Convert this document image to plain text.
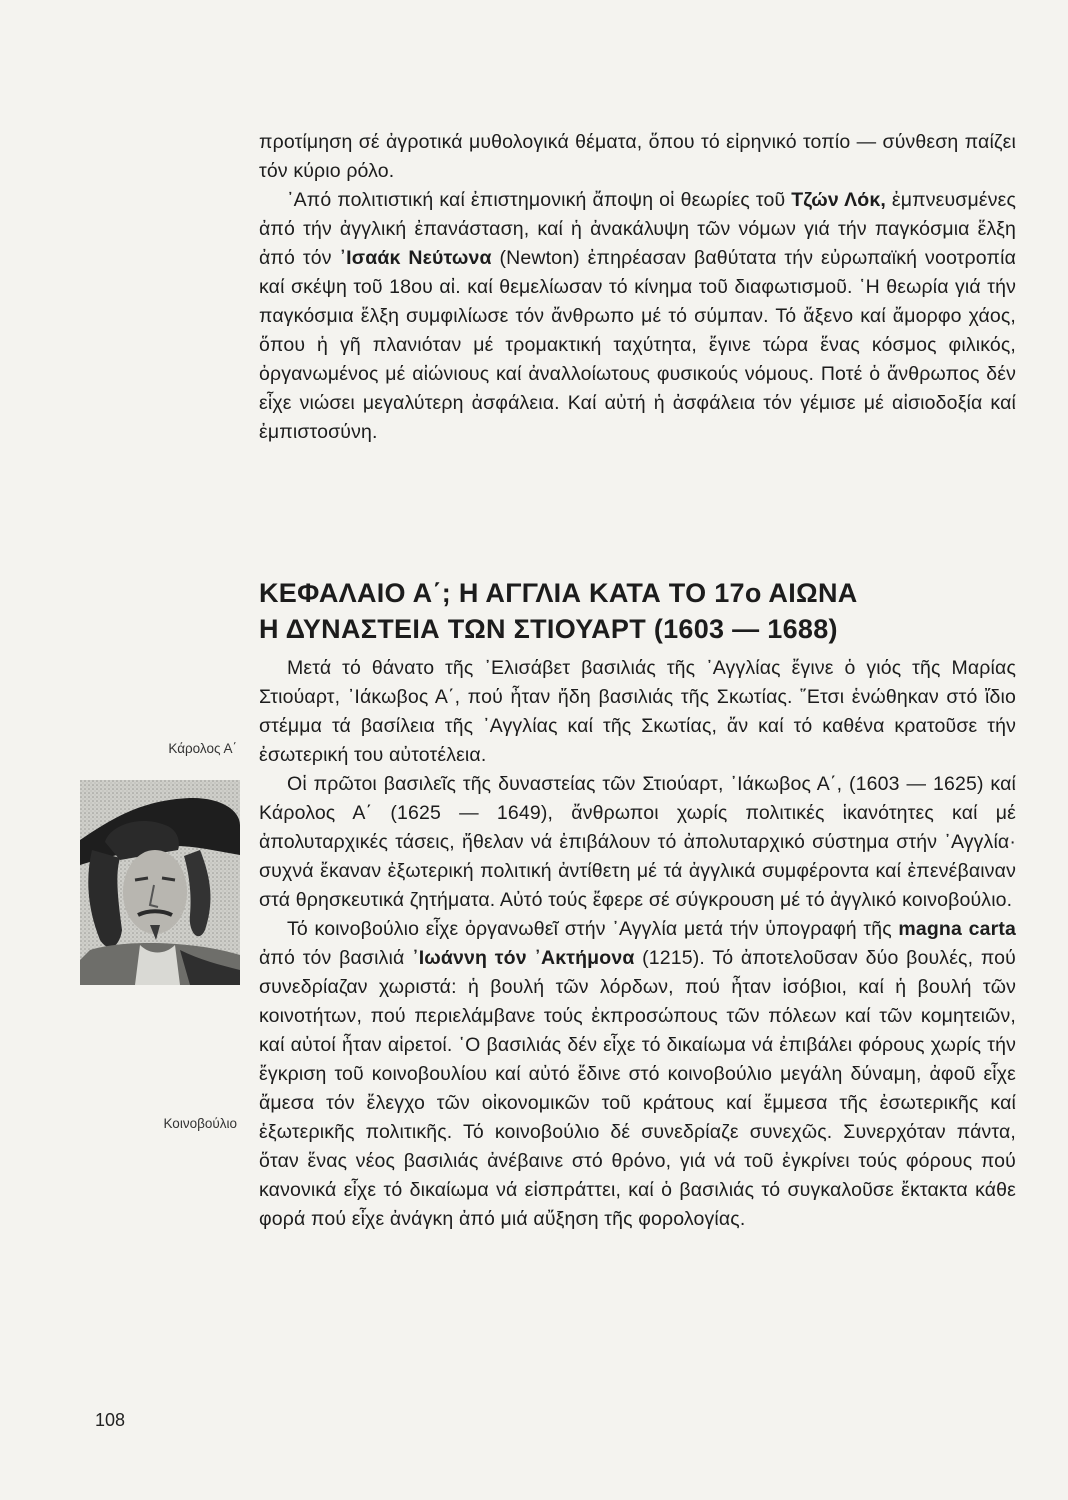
προτίμηση σέ ἀγροτικά μυθολογικά θέματα, ὅπου τό εἰρηνικό τοπίο — σύνθεση παίζει τόν κύριο ρόλο.

᾿Από πολιτιστική καί ἐπιστημονική ἄποψη οἱ θεωρίες τοῦ Τζών Λόκ, ἐμπνευσμένες ἀπό τήν ἀγγλική ἐπανάσταση, καί ἡ ἀνακάλυψη τῶν νόμων γιά τήν παγκόσμια ἕλξη ἀπό τόν ᾿Ισαάκ Νεύτωνα (Newton) ἐπηρέασαν βαθύτατα τήν εὐρωπαϊκή νοοτροπία καί σκέψη τοῦ 18ου αἰ. καί θεμελίωσαν τό κίνημα τοῦ διαφωτισμοῦ. ῾Η θεωρία γιά τήν παγκόσμια ἕλξη συμφιλίωσε τόν ἄνθρωπο μέ τό σύμπαν. Τό ἄξενο καί ἄμορφο χάος, ὅπου ἡ γῆ πλανιόταν μέ τρομακτική ταχύτητα, ἔγινε τώρα ἕνας κόσμος φιλικός, ὀργανωμένος μέ αἰώνιους καί ἀναλλοίωτους φυσικούς νόμους. Ποτέ ὁ ἄνθρωπος δέν εἶχε νιώσει μεγαλύτερη ἀσφάλεια. Καί αὐτή ἡ ἀσφάλεια τόν γέμισε μέ αἰσιοδοξία καί ἐμπιστοσύνη.

ΚΕΦΑΛΑΙΟ Α΄; Η ΑΓΓΛΙΑ ΚΑΤΑ ΤΟ 17ο ΑΙΩΝΑ
Η ΔΥΝΑΣΤΕΙΑ ΤΩΝ ΣΤΙΟΥΑΡΤ (1603 — 1688)

Μετά τό θάνατο τῆς ᾿Ελισάβετ βασιλιάς τῆς ᾿Αγγλίας ἔγινε ὁ γιός τῆς Μαρίας Στιούαρτ, ᾿Ιάκωβος Α΄, πού ἦταν ἤδη βασιλιάς τῆς Σκωτίας. ῞Ετσι ἑνώθηκαν στό ἴδιο στέμμα τά βασίλεια τῆς ᾿Αγγλίας καί τῆς Σκωτίας, ἄν καί τό καθένα κρατοῦσε τήν ἐσωτερική του αὐτοτέλεια.

Οἱ πρῶτοι βασιλεῖς τῆς δυναστείας τῶν Στιούαρτ, ᾿Ιάκωβος Α΄, (1603 — 1625) καί Κάρολος Α΄ (1625 — 1649), ἄνθρωποι χωρίς πολιτικές ἱκανότητες καί μέ ἀπολυταρχικές τάσεις, ἤθελαν νά ἐπιβάλουν τό ἀπολυταρχικό σύστημα στήν ᾿Αγγλία· συχνά ἔκαναν ἐξωτερική πολιτική ἀντίθετη μέ τά ἀγγλικά συμφέροντα καί ἐπενέβαιναν στά θρησκευτικά ζητήματα. Αὐτό τούς ἔφερε σέ σύγκρουση μέ τό ἀγγλικό κοινοβούλιο.

Τό κοινοβούλιο εἶχε ὀργανωθεῖ στήν ᾿Αγγλία μετά τήν ὑπογραφή τῆς magna carta ἀπό τόν βασιλιά ᾿Ιωάννη τόν ᾿Ακτήμονα (1215). Τό ἀποτελοῦσαν δύο βουλές, πού συνεδρίαζαν χωριστά: ἡ βουλή τῶν λόρδων, πού ἦταν ἰσόβιοι, καί ἡ βουλή τῶν κοινοτήτων, πού περιελάμβανε τούς ἐκπροσώπους τῶν πόλεων καί τῶν κομητειῶν, καί αὐτοί ἦταν αἱρετοί. ῾Ο βασιλιάς δέν εἶχε τό δικαίωμα νά ἐπιβάλει φόρους χωρίς τήν ἔγκριση τοῦ κοινοβουλίου καί αὐτό ἔδινε στό κοινοβούλιο μεγάλη δύναμη, ἀφοῦ εἶχε ἄμεσα τόν ἔλεγχο τῶν οἰκονομικῶν τοῦ κράτους καί ἔμμεσα τῆς ἐσωτερικῆς καί ἐξωτερικῆς πολιτικῆς. Τό κοινοβούλιο δέ συνεδρίαζε συνεχῶς. Συνερχόταν πάντα, ὅταν ἕνας νέος βασιλιάς ἀνέβαινε στό θρόνο, γιά νά τοῦ ἐγκρίνει τούς φόρους πού κανονικά εἶχε τό δικαίωμα νά εἰσπράττει, καί ὁ βασιλιάς τό συγκαλοῦσε ἔκτακτα κάθε φορά πού εἶχε ἀνάγκη ἀπό μιά αὔξηση τῆς φορολογίας.

Κάρολος Α΄
Κοινοβούλιο
108
